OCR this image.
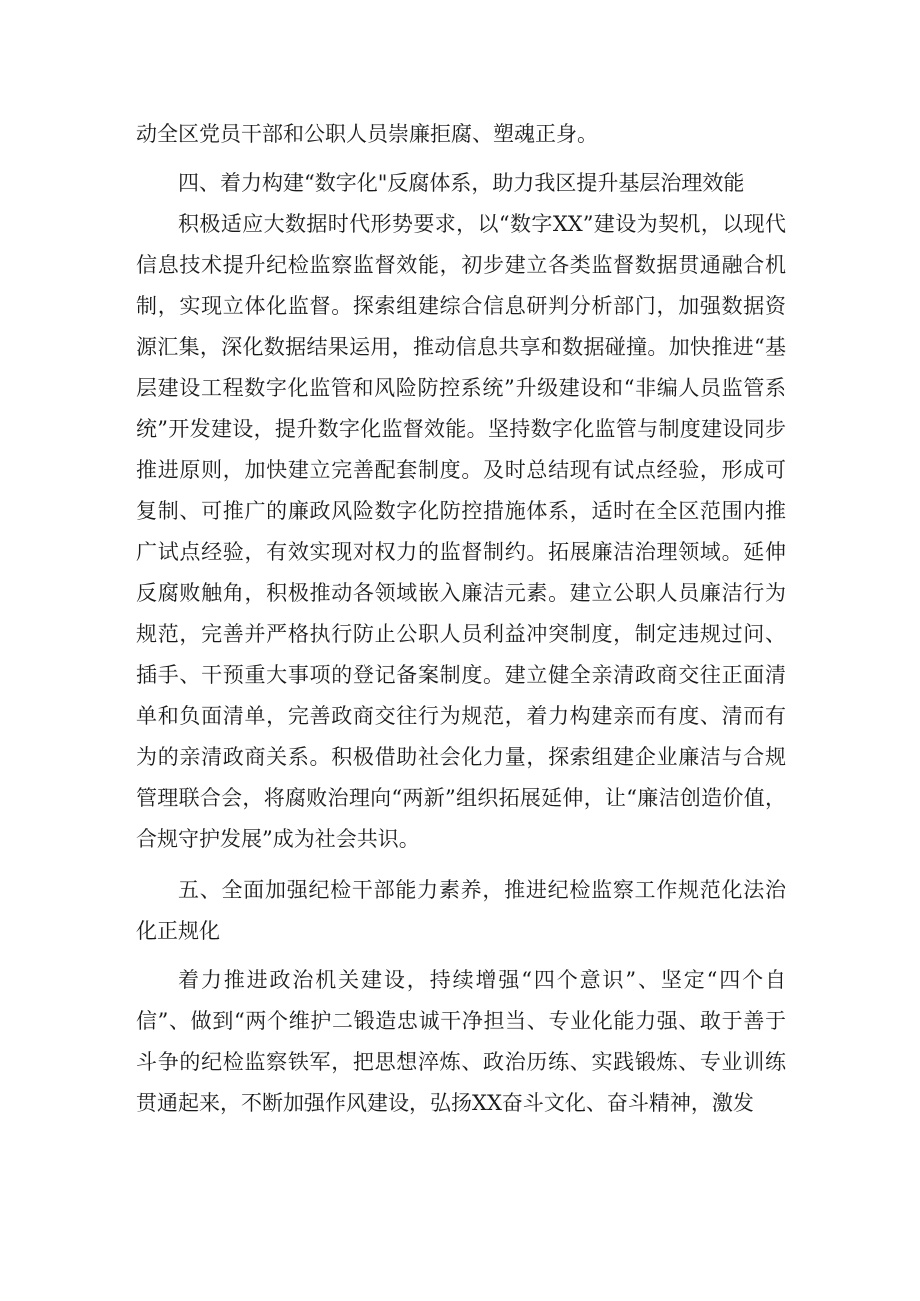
动全区党员干部和公职人员崇廉拒腐、塑魂正身。

四、着力构建“数字化"反腐体系，助力我区提升基层治理效能

积极适应大数据时代形势要求，以“数字XX”建设为契机，以现代信息技术提升纪检监察监督效能，初步建立各类监督数据贯通融合机制，实现立体化监督。探索组建综合信息研判分析部门，加强数据资源汇集，深化数据结果运用，推动信息共享和数据碰撞。加快推进“基层建设工程数字化监管和风险防控系统”升级建设和“非编人员监管系统”开发建设，提升数字化监督效能。坚持数字化监管与制度建设同步推进原则，加快建立完善配套制度。及时总结现有试点经验，形成可复制、可推广的廉政风险数字化防控措施体系，适时在全区范围内推广试点经验，有效实现对权力的监督制约。拓展廉洁治理领域。延伸反腐败触角，积极推动各领域嵌入廉洁元素。建立公职人员廉洁行为规范，完善并严格执行防止公职人员利益冲突制度，制定违规过问、插手、干预重大事项的登记备案制度。建立健全亲清政商交往正面清单和负面清单，完善政商交往行为规范，着力构建亲而有度、清而有为的亲清政商关系。积极借助社会化力量，探索组建企业廉洁与合规管理联合会，将腐败治理向“两新”组织拓展延伸，让“廉洁创造价值，合规守护发展”成为社会共识。

五、全面加强纪检干部能力素养，推进纪检监察工作规范化法治化正规化

着力推进政治机关建设，持续增强“四个意识”、坚定“四个自信”、做到“两个维护二锻造忠诚干净担当、专业化能力强、敢于善于斗争的纪检监察铁军，把思想淬炼、政治历练、实践锻炼、专业训练贯通起来，不断加强作风建设，弘扬XX奋斗文化、奋斗精神，激发
